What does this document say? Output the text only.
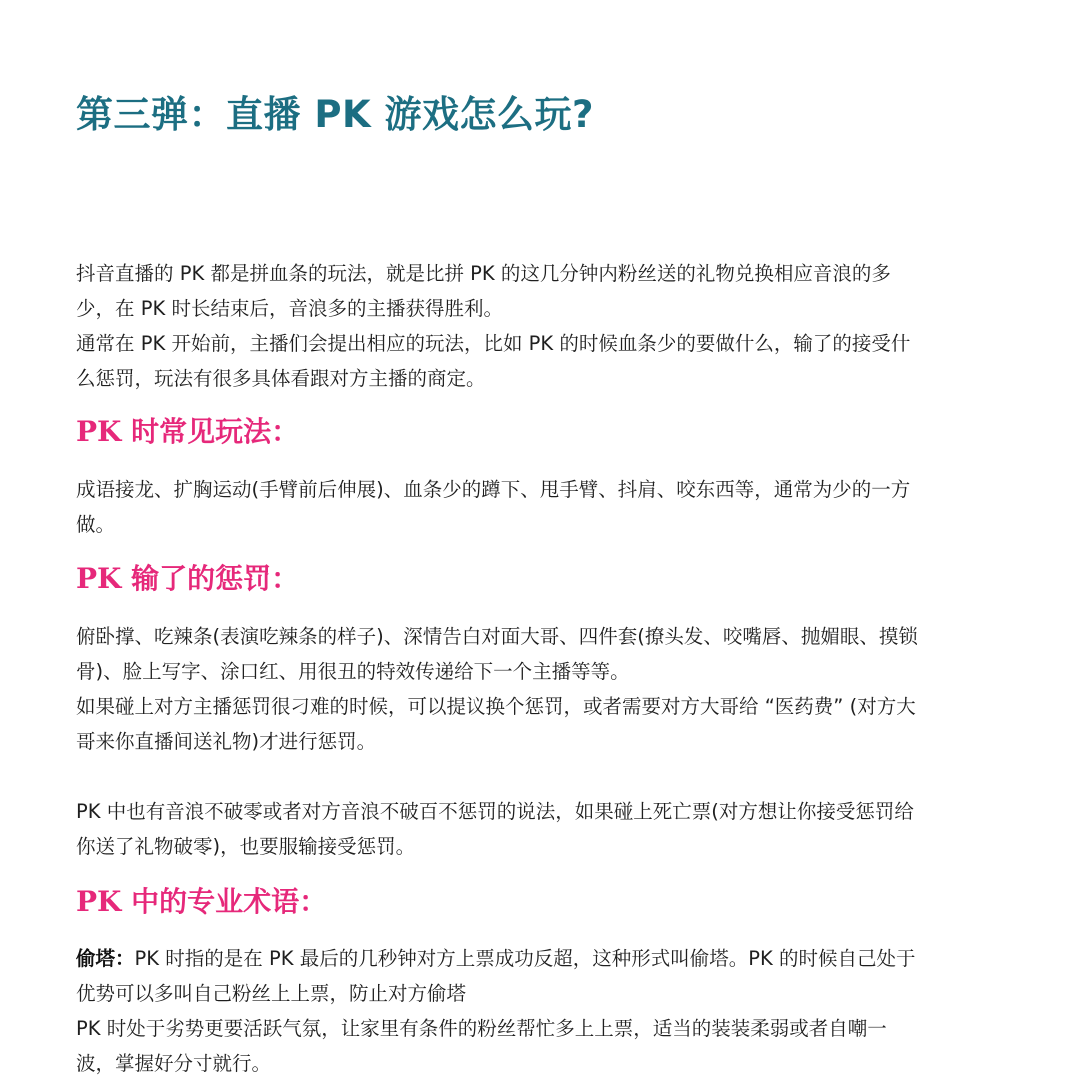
第三弹：直播 PK 游戏怎么玩?

抖音直播的 PK 都是拼血条的玩法，就是比拼 PK 的这几分钟内粉丝送的礼物兑换相应音浪的多
少，在 PK 时长结束后，音浪多的主播获得胜利。
通常在 PK 开始前，主播们会提出相应的玩法，比如 PK 的时候血条少的要做什么，输了的接受什
么惩罚，玩法有很多具体看跟对方主播的商定。

PK 时常见玩法：

成语接龙、扩胸运动(手臂前后伸展)、血条少的蹲下、甩手臂、抖肩、咬东西等，通常为少的一方
做。

PK 输了的惩罚：

俯卧撑、吃辣条(表演吃辣条的样子)、深情告白对面大哥、四件套(撩头发、咬嘴唇、抛媚眼、摸锁
骨)、脸上写字、涂口红、用很丑的特效传递给下一个主播等等。
如果碰上对方主播惩罚很刁难的时候，可以提议换个惩罚，或者需要对方大哥给 “医药费” (对方大
哥来你直播间送礼物)才进行惩罚。

PK 中也有音浪不破零或者对方音浪不破百不惩罚的说法，如果碰上死亡票(对方想让你接受惩罚给
你送了礼物破零)，也要服输接受惩罚。

PK 中的专业术语：

偷塔：PK 时指的是在 PK 最后的几秒钟对方上票成功反超，这种形式叫偷塔。PK 的时候自己处于
优势可以多叫自己粉丝上上票，防止对方偷塔
PK 时处于劣势更要活跃气氛，让家里有条件的粉丝帮忙多上上票，适当的装装柔弱或者自嘲一
波，掌握好分寸就行。
